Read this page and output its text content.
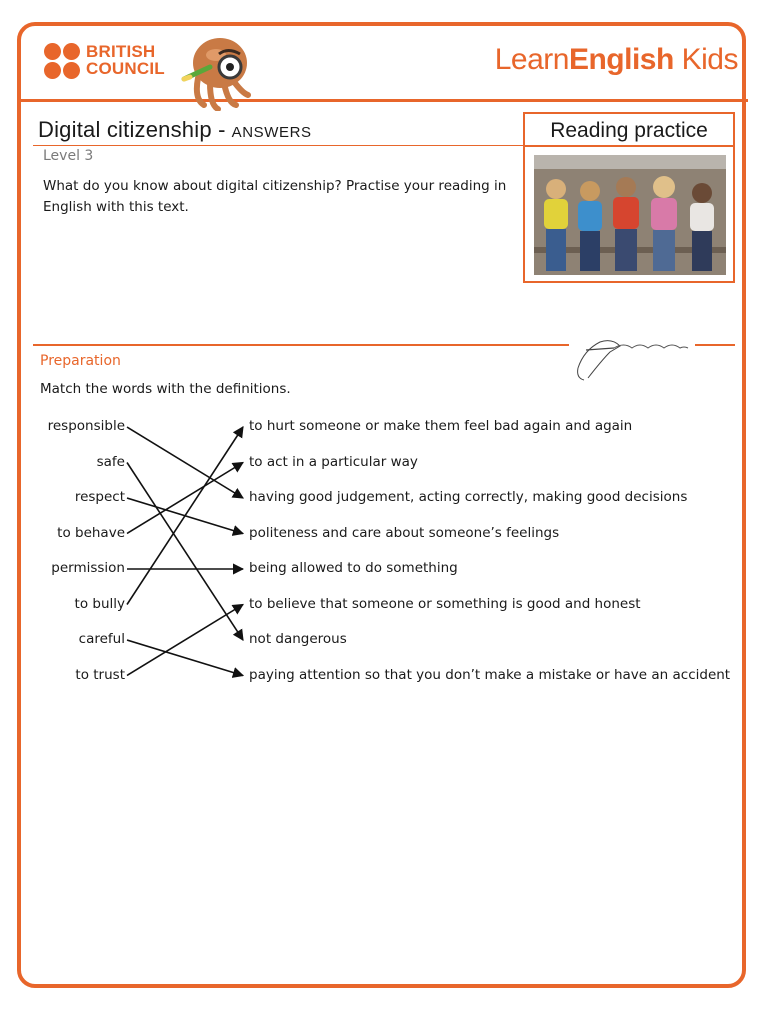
BRITISH
COUNCIL	LearnEnglish Kids
Digital citizenship - ANSWERS
Level 3
What do you know about digital citizenship? Practise your reading in English with this text.
Reading practice
Preparation
Match the words with the definitions.
responsible
safe
respect
to behave
permission
to bully
careful
to trust
to hurt someone or make them feel bad again and again
to act in a particular way
having good judgement, acting correctly, making good decisions
politeness and care about someone’s feelings
being allowed to do something
to believe that someone or something is good and honest
not dangerous
paying attention so that you don’t make a mistake or have an accident
